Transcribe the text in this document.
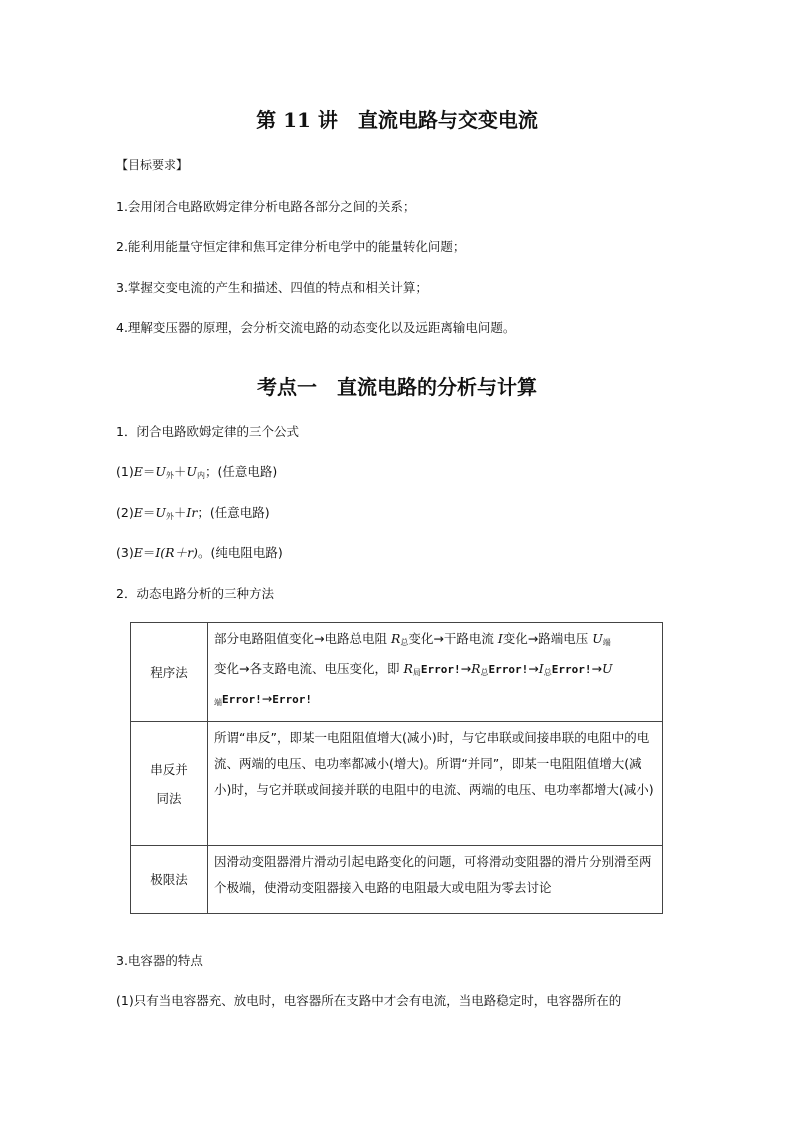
第 11 讲　直流电路与交变电流
【目标要求】
1.会用闭合电路欧姆定律分析电路各部分之间的关系；
2.能利用能量守恒定律和焦耳定律分析电学中的能量转化问题；
3.掌握交变电流的产生和描述、四值的特点和相关计算；
4.理解变压器的原理，会分析交流电路的动态变化以及远距离输电问题。
考点一　直流电路的分析与计算
1．闭合电路欧姆定律的三个公式
$(1)E=U_外+U_内$；(任意电路)
$(2)E=U_外+Ir$；(任意电路)
(3)E＝I(R＋r)。(纯电阻电路)
2．动态电路分析的三种方法
程序法	部分电路阻值变化→电路总电阻 $R_总$变化→干路电流 I变化→路端电压 $U_端$
变化→各支路电流、电压变化，即 $R_局Error!\to R_总Error!\to I_总Error!\to U$
$_端$Error!→Error!

串反并
同法	所谓“串反”，即某一电阻阻值增大(减小)时，与它串联或间接串联的电阻中的电流、两端的电压、电功率都减小(增大)。所谓“并同”，即某一电阻阻值增大(减小)时，与它并联或间接并联的电阻中的电流、两端的电压、电功率都增大(减小)
极限法	因滑动变阻器滑片滑动引起电路变化的问题，可将滑动变阻器的滑片分别滑至两个极端，使滑动变阻器接入电路的电阻最大或电阻为零去讨论
3.电容器的特点
(1)只有当电容器充、放电时，电容器所在支路中才会有电流，当电路稳定时，电容器所在的
